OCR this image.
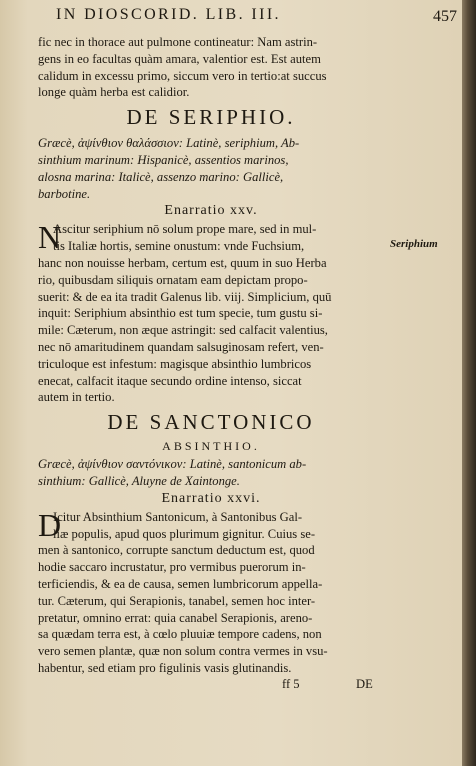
IN DIOSCORID. LIB. III.	457
fic nec in thorace aut pulmone contineatur: Nam astrin-
gens in eo facultas quàm amara, valentior est. Est autem
calidum in excessu primo, siccum vero in tertio:at succus
longe quàm herba est calidior.
DE SERIPHIO.
Græcè, ἀψίνθιον θαλάσσιον: Latinè, seriphium, Ab-
sinthium marinum: Hispanicè, assentios marinos,
alosna marina: Italicè, assenzo marino: Gallicè,
barbotine.
Enarratio xxv.
N
Ascitur seriphium nō solum prope mare, sed in mul-
tis Italiæ hortis, semine onustum: vnde Fuchsium,
hanc non nouisse herbam, certum est, quum in suo Herba
rio, quibusdam siliquis ornatam eam depictam propo-
suerit: & de ea ita tradit Galenus lib. viij. Simplicium, quū
inquit: Seriphium absinthio est tum specie, tum gustu si-
mile: Cæterum, non æque astringit: sed calfacit valentius,
nec nō amaritudinem quandam salsuginosam refert, ven-
triculoque est infestum: magisque absinthio lumbricos
enecat, calfacit itaque secundo ordine intenso, siccat
autem in tertio.
DE SANCTONICO
ABSINTHIO.
Græcè, ἀψίνθιον σαντόνικον: Latinè, santonicum ab-
sinthium: Gallicè, Aluyne de Xaintonge.
Enarratio xxvi.
D
Icitur Absinthium Santonicum, à Santonibus Gal-
liæ populis, apud quos plurimum gignitur. Cuius se-
men à santonico, corrupte sanctum deductum est, quod
hodie saccaro incrustatur, pro vermibus puerorum in-
terficiendis, & ea de causa, semen lumbricorum appella-
tur. Cæterum, qui Serapionis, tanabel, semen hoc inter-
pretatur, omnino errat: quia canabel Serapionis, areno-
sa quædam terra est, à cœlo pluuiæ tempore cadens, non
vero semen plantæ, quæ non solum contra vermes in vsu-
habentur, sed etiam pro figulinis vasis glutinandis.
Seriphium
ff 5	DE
